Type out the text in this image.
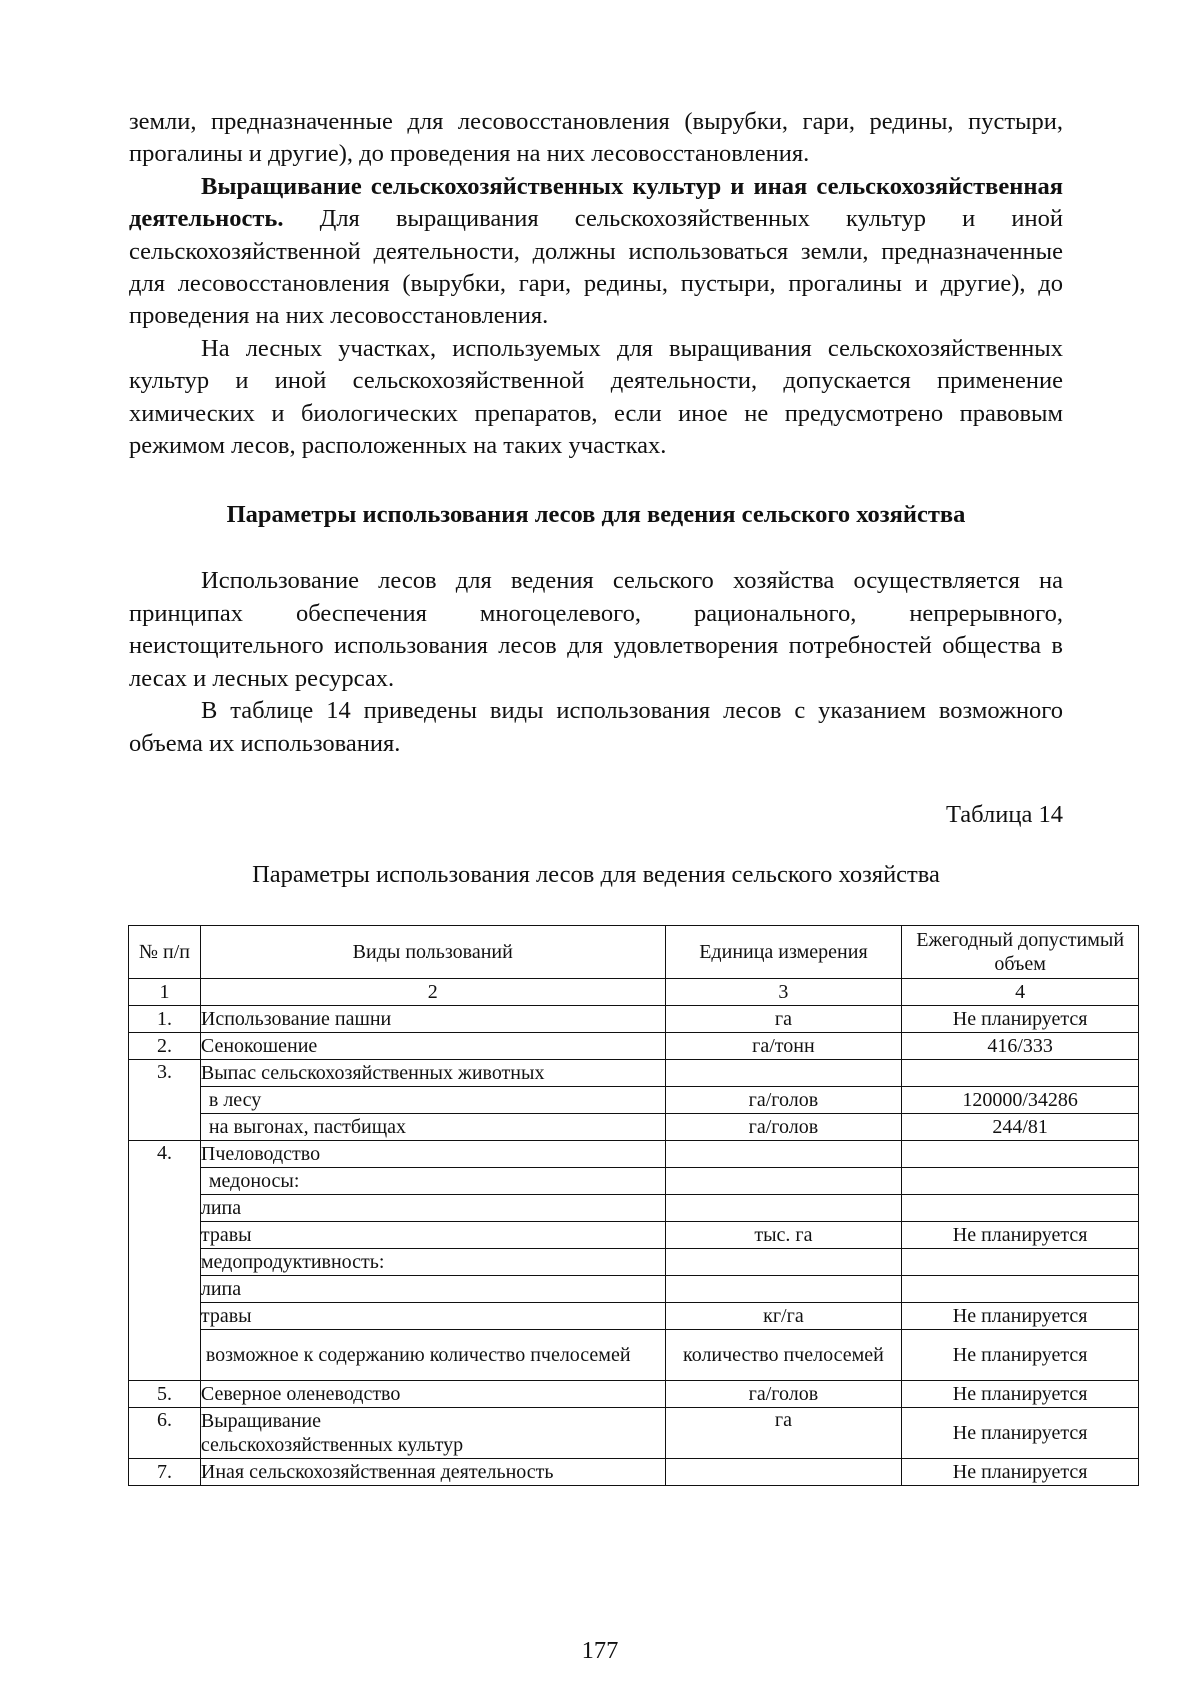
земли, предназначенные для лесовосстановления (вырубки, гари, редины, пустыри, прогалины и другие), до проведения на них лесовосстановления.

Выращивание сельскохозяйственных культур и иная сельскохозяйственная деятельность. Для выращивания сельскохозяйственных культур и иной сельскохозяйственной деятельности, должны использоваться земли, предназначенные для лесовосстановления (вырубки, гари, редины, пустыри, прогалины и другие), до проведения на них лесовосстановления.

На лесных участках, используемых для выращивания сельскохозяйственных культур и иной сельскохозяйственной деятельности, допускается применение химических и биологических препаратов, если иное не предусмотрено правовым режимом лесов, расположенных на таких участках.

Параметры использования лесов для ведения сельского хозяйства

Использование лесов для ведения сельского хозяйства осуществляется на принципах обеспечения многоцелевого, рационального, непрерывного, неистощительного использования лесов для удовлетворения потребностей общества в лесах и лесных ресурсах.

В таблице 14 приведены виды использования лесов с указанием возможного объема их использования.

Таблица 14
Параметры использования лесов для ведения сельского хозяйства
№ п/п	Виды пользований	Единица измерения	Ежегодный допустимый объем
1	2	3	4
1.	Использование пашни	га	Не планируется
2.	Сенокошение	га/тонн	416/333
3.	Выпас сельскохозяйственных животных		
	в лесу	га/голов	120000/34286
	на выгонах, пастбищах	га/голов	244/81
4.	Пчеловодство		
	медоносы:		
	липа		
	травы	тыс. га	Не планируется
	медопродуктивность:		
	липа		
	травы	кг/га	Не планируется
	возможное к содержанию количество пчелосемей	количество пчелосемей	Не планируется
5.	Северное оленеводство	га/голов	Не планируется
6.	Выращивание сельскохозяйственных культур	га	Не планируется
7.	Иная сельскохозяйственная деятельность		Не планируется
177
